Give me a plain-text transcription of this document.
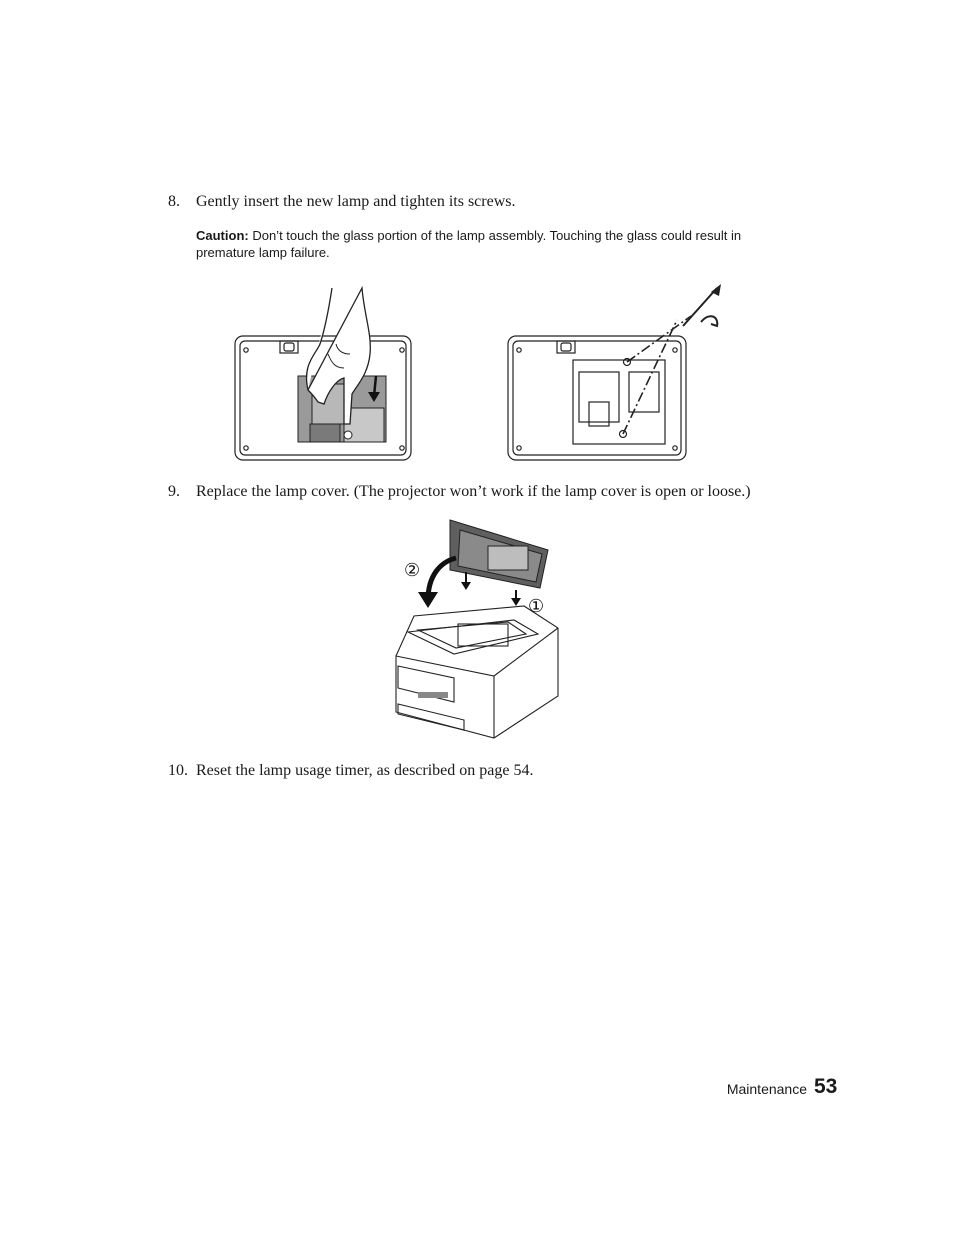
8. Gently insert the new lamp and tighten its screws.
Caution: Don’t touch the glass portion of the lamp assembly. Touching the glass could result in premature lamp failure.
9. Replace the lamp cover. (The projector won’t work if the lamp cover is open or loose.)
②
①
10. Reset the lamp usage timer, as described on page 54.
Maintenance 53
